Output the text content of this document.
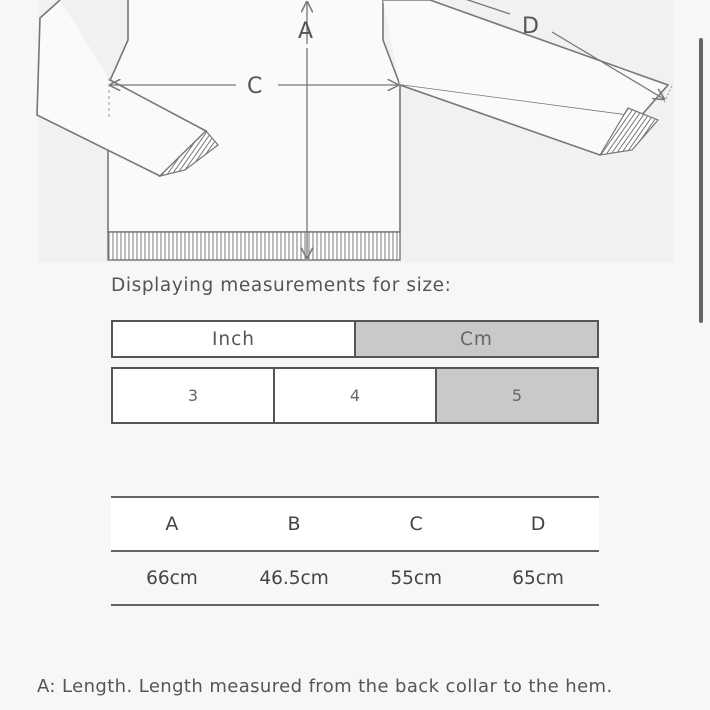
A
C
D
Displaying measurements for size:
Inch	Cm
3	4	5
A	B	C	D
66cm	46.5cm	55cm	65cm
A: Length. Length measured from the back collar to the hem.
